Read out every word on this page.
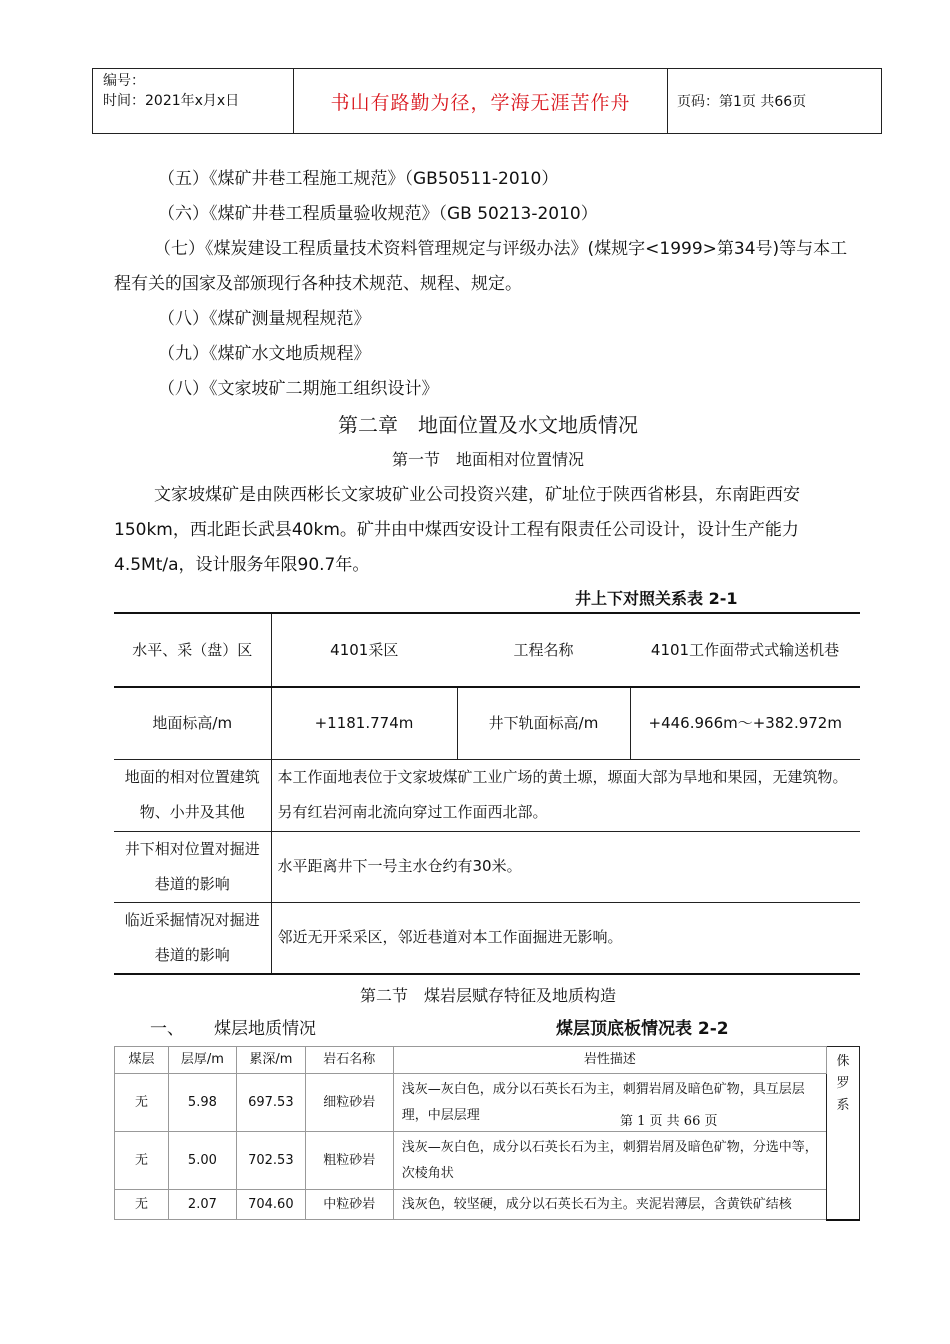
编号：
时间：2021年x月x日	书山有路勤为径，学海无涯苦作舟	页码：第1页 共66页
（五）《煤矿井巷工程施工规范》（GB50511-2010）
（六）《煤矿井巷工程质量验收规范》（GB 50213-2010）
（七）《煤炭建设工程质量技术资料管理规定与评级办法》(煤规字<1999>第34号)等与本工程有关的国家及部颁现行各种技术规范、规程、规定。
（八）《煤矿测量规程规范》
（九）《煤矿水文地质规程》
（八）《文家坡矿二期施工组织设计》
第二章　地面位置及水文地质情况
第一节　地面相对位置情况
文家坡煤矿是由陕西彬长文家坡矿业公司投资兴建，矿址位于陕西省彬县，东南距西安150km，西北距长武县40km。矿井由中煤西安设计工程有限责任公司设计，设计生产能力4.5Mt/a，设计服务年限90.7年。
井上下对照关系表 2-1
水平、采（盘）区	4101采区	工程名称	4101工作面带式式输送机巷
地面标高/m	+1181.774m	井下轨面标高/m	+446.966m～+382.972m
地面的相对位置建筑物、小井及其他	本工作面地表位于文家坡煤矿工业广场的黄土塬，塬面大部为旱地和果园，无建筑物。另有红岩河南北流向穿过工作面西北部。		
井下相对位置对掘进巷道的影响	水平距离井下一号主水仓约有30米。		
临近采掘情况对掘进巷道的影响	邻近无开采采区，邻近巷道对本工作面掘进无影响。		
第二节　煤岩层赋存特征及地质构造
一、 煤层地质情况	煤层顶底板情况表 2-2
煤层	层厚/m	累深/m	岩石名称	岩性描述	侏罗系

无	5.98	697.53	细粒砂岩	浅灰—灰白色，成分以石英长石为主，刺猬岩屑及暗色矿物，具互层层理，中层层理	
无	5.00	702.53	粗粒砂岩	浅灰—灰白色，成分以石英长石为主，刺猬岩屑及暗色矿物，分选中等，次棱角状	
无	2.07	704.60	中粒砂岩	浅灰色，较坚硬，成分以石英长石为主。夹泥岩薄层，含黄铁矿结核	
第 1 页 共 66 页
